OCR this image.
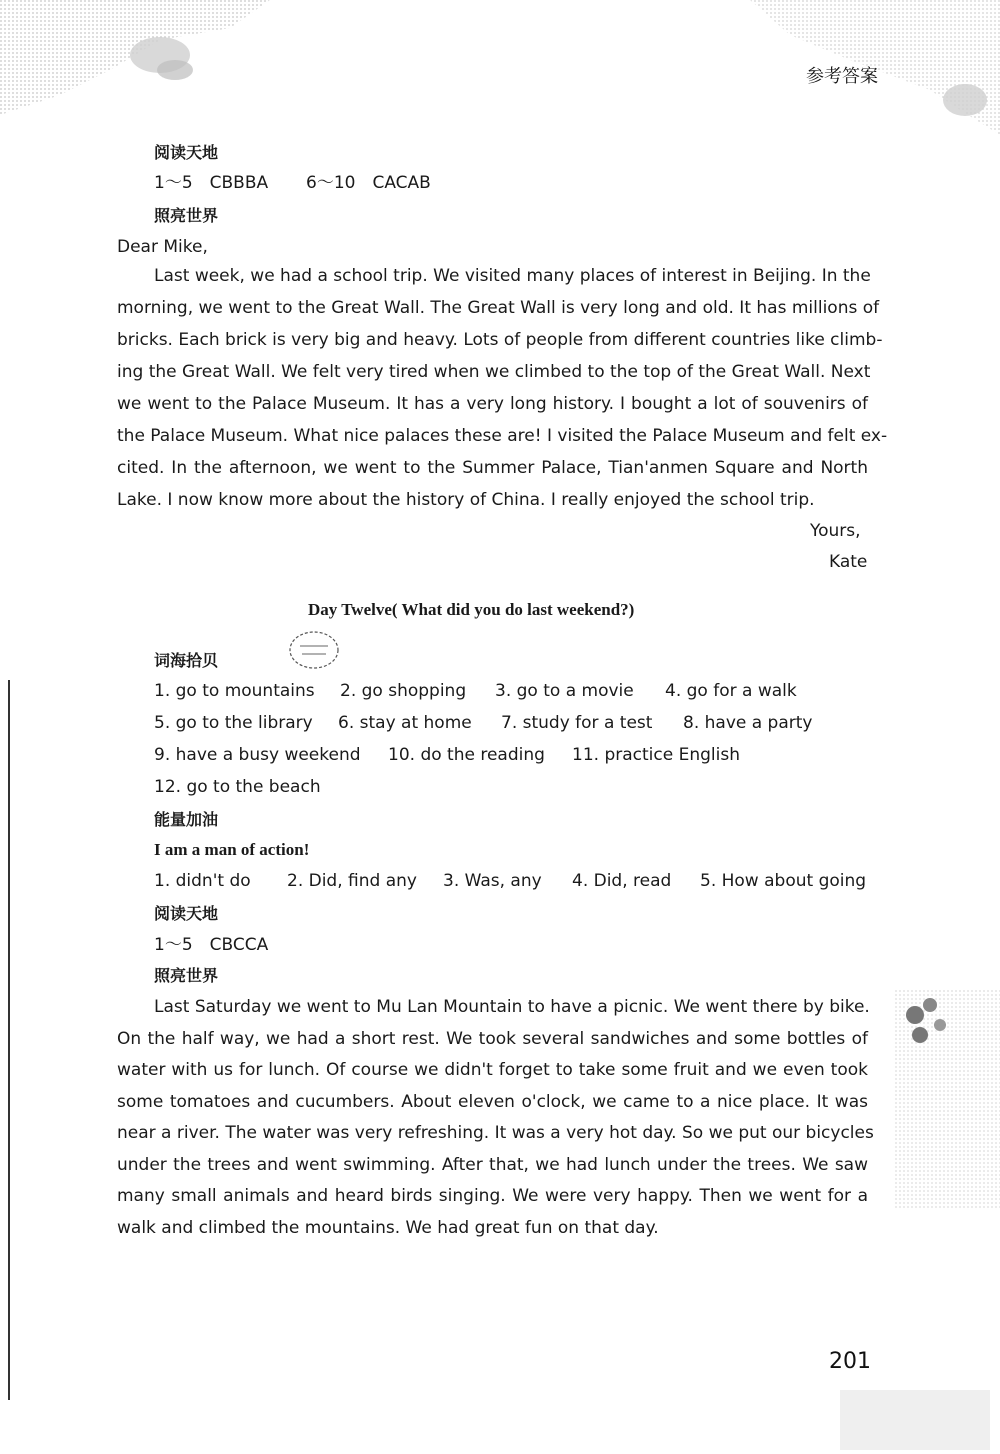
参考答案
阅读天地
1～5　CBBBA 6～10　CACAB
照亮世界
Dear Mike,
Last week, we had a school trip. We visited many places of interest in Beijing. In the
morning, we went to the Great Wall. The Great Wall is very long and old. It has millions of
bricks. Each brick is very big and heavy. Lots of people from different countries like climb-
ing the Great Wall. We felt very tired when we climbed to the top of the Great Wall. Next
we went to the Palace Museum. It has a very long history. I bought a lot of souvenirs of
the Palace Museum. What nice palaces these are! I visited the Palace Museum and felt ex-
cited. In the afternoon, we went to the Summer Palace, Tian'anmen Square and North
Lake. I now know more about the history of China. I really enjoyed the school trip.
Yours,
Kate
Day Twelve( What did you do last weekend?)
词海拾贝
1. go to mountains 2. go shopping 3. go to a movie 4. go for a walk
5. go to the library 6. stay at home 7. study for a test 8. have a party
9. have a busy weekend 10. do the reading 11. practice English
12. go to the beach
能量加油
I am a man of action!
1. didn't do 2. Did, find any 3. Was, any 4. Did, read 5. How about going
阅读天地
1～5　CBCCA
照亮世界
Last Saturday we went to Mu Lan Mountain to have a picnic. We went there by bike.
On the half way, we had a short rest. We took several sandwiches and some bottles of
water with us for lunch. Of course we didn't forget to take some fruit and we even took
some tomatoes and cucumbers. About eleven o'clock, we came to a nice place. It was
near a river. The water was very refreshing. It was a very hot day. So we put our bicycles
under the trees and went swimming. After that, we had lunch under the trees. We saw
many small animals and heard birds singing. We were very happy. Then we went for a
walk and climbed the mountains. We had great fun on that day.
201
